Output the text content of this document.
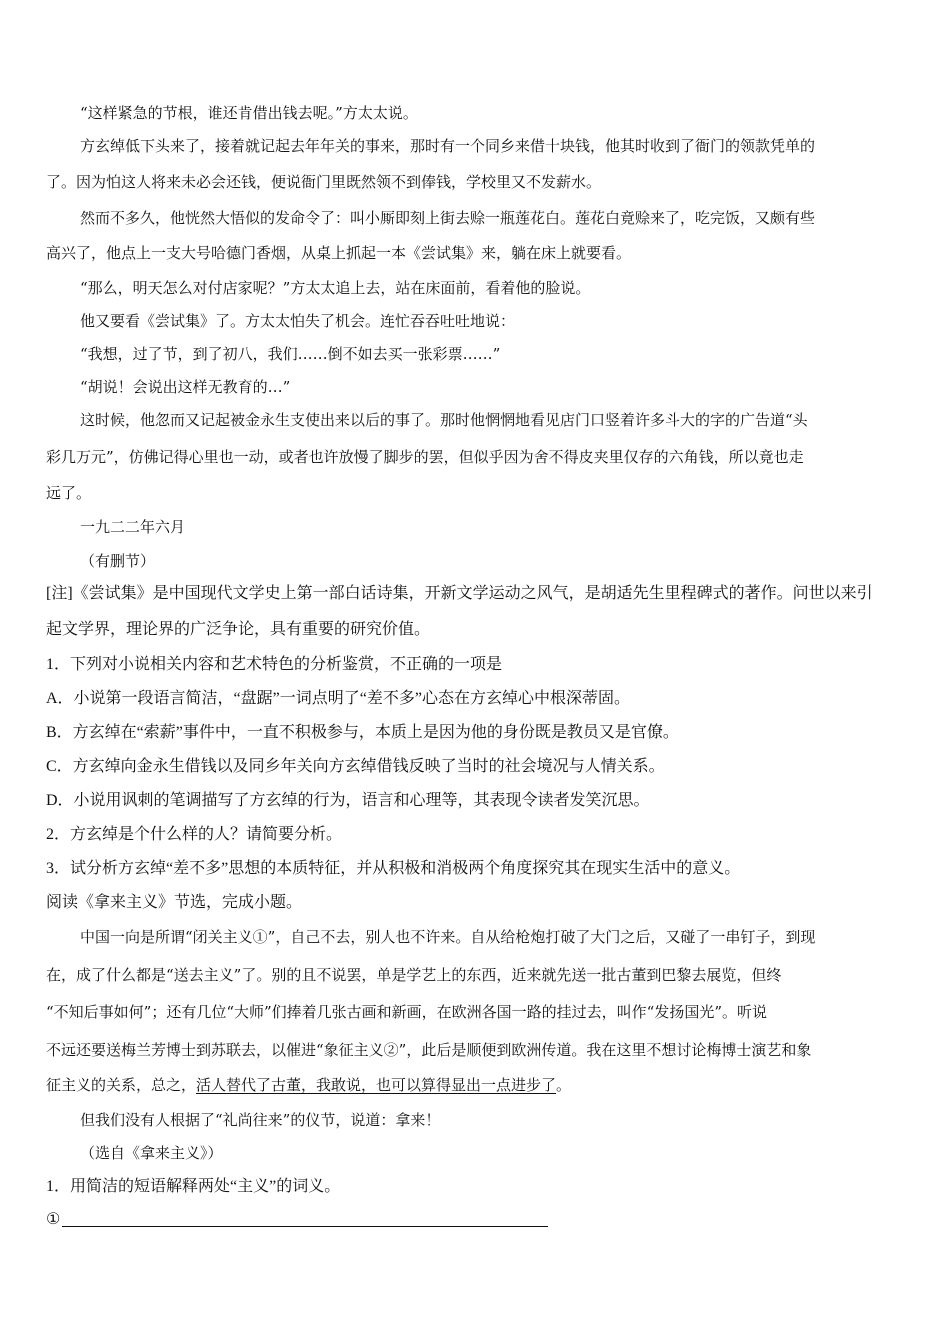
“这样紧急的节根，谁还肯借出钱去呢。”方太太说。
方玄绰低下头来了，接着就记起去年年关的事来，那时有一个同乡来借十块钱，他其时收到了衙门的领款凭单的
了。因为怕这人将来未必会还钱，便说衙门里既然领不到俸钱，学校里又不发薪水。
然而不多久，他恍然大悟似的发命令了：叫小厮即刻上街去赊一瓶莲花白。莲花白竟赊来了，吃完饭，又颇有些
高兴了，他点上一支大号哈德门香烟，从桌上抓起一本《尝试集》来，躺在床上就要看。
“那么，明天怎么对付店家呢？”方太太追上去，站在床面前，看着他的脸说。
他又要看《尝试集》了。方太太怕失了机会。连忙吞吞吐吐地说：
“我想，过了节，到了初八，我们……倒不如去买一张彩票……”
“胡说！会说出这样无教育的…”
这时候，他忽而又记起被金永生支使出来以后的事了。那时他惘惘地看见店门口竖着许多斗大的字的广告道“头
彩几万元”，仿佛记得心里也一动，或者也许放慢了脚步的罢，但似乎因为舍不得皮夹里仅存的六角钱，所以竟也走
远了。
一九二二年六月
（有删节）
[注]《尝试集》是中国现代文学史上第一部白话诗集，开新文学运动之风气，是胡适先生里程碑式的著作。问世以来引
起文学界，理论界的广泛争论，具有重要的研究价值。
1．下列对小说相关内容和艺术特色的分析鉴赏，不正确的一项是
A．小说第一段语言简洁，“盘踞”一词点明了“差不多”心态在方玄绰心中根深蒂固。
B．方玄绰在“索薪”事件中，一直不积极参与，本质上是因为他的身份既是教员又是官僚。
C．方玄绰向金永生借钱以及同乡年关向方玄绰借钱反映了当时的社会境况与人情关系。
D．小说用讽刺的笔调描写了方玄绰的行为，语言和心理等，其表现令读者发笑沉思。
2．方玄绰是个什么样的人？请简要分析。
3．试分析方玄绰“差不多”思想的本质特征，并从积极和消极两个角度探究其在现实生活中的意义。
阅读《拿来主义》节选，完成小题。
中国一向是所谓“闭关主义①”，自己不去，别人也不许来。自从给枪炮打破了大门之后，又碰了一串钉子，到现
在，成了什么都是“送去主义”了。别的且不说罢，单是学艺上的东西，近来就先送一批古董到巴黎去展览，但终
“不知后事如何”；还有几位“大师”们捧着几张古画和新画，在欧洲各国一路的挂过去，叫作“发扬国光”。听说
不远还要送梅兰芳博士到苏联去，以催进“象征主义②”，此后是顺便到欧洲传道。我在这里不想讨论梅博士演艺和象
征主义的关系，总之，活人替代了古董，我敢说，也可以算得显出一点进步了。
但我们没有人根据了“礼尚往来”的仪节，说道：拿来！
（选自《拿来主义》）
1．用简洁的短语解释两处“主义”的词义。
①
